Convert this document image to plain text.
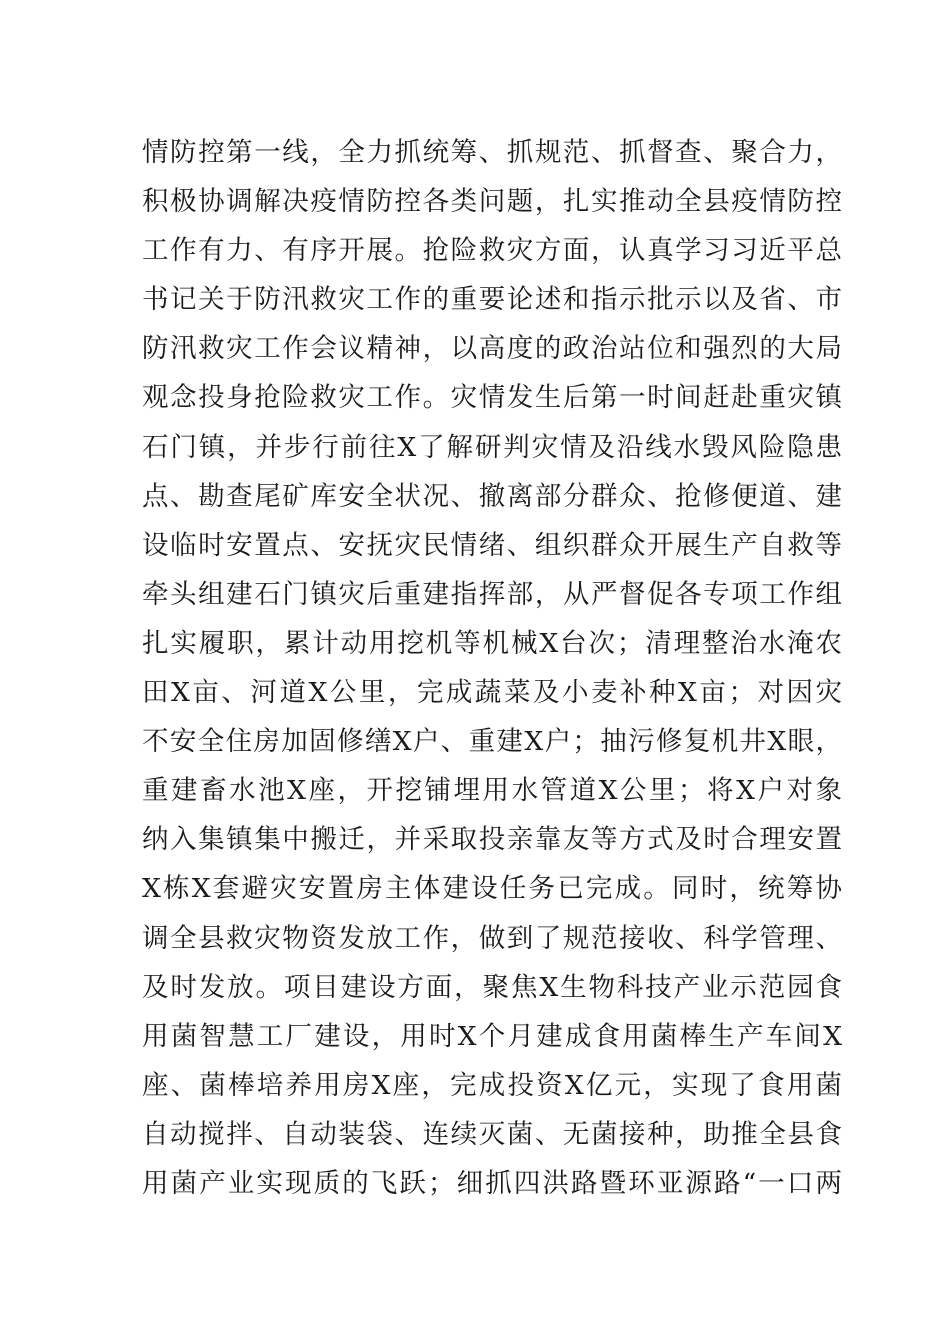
情防控第一线，全力抓统筹、抓规范、抓督查、聚合力，
积极协调解决疫情防控各类问题，扎实推动全县疫情防控
工作有力、有序开展。抢险救灾方面，认真学习习近平总
书记关于防汛救灾工作的重要论述和指示批示以及省、市
防汛救灾工作会议精神，以高度的政治站位和强烈的大局
观念投身抢险救灾工作。灾情发生后第一时间赶赴重灾镇
石门镇，并步行前往X了解研判灾情及沿线水毁风险隐患
点、勘查尾矿库安全状况、撤离部分群众、抢修便道、建
设临时安置点、安抚灾民情绪、组织群众开展生产自救等
牵头组建石门镇灾后重建指挥部，从严督促各专项工作组
扎实履职，累计动用挖机等机械X台次；清理整治水淹农
田X亩、河道X公里，完成蔬菜及小麦补种X亩；对因灾
不安全住房加固修缮X户、重建X户；抽污修复机井X眼，
重建畜水池X座，开挖铺埋用水管道X公里；将X户对象
纳入集镇集中搬迁，并采取投亲靠友等方式及时合理安置
X栋X套避灾安置房主体建设任务已完成。同时，统筹协
调全县救灾物资发放工作，做到了规范接收、科学管理、
及时发放。项目建设方面，聚焦X生物科技产业示范园食
用菌智慧工厂建设，用时X个月建成食用菌棒生产车间X
座、菌棒培养用房X座，完成投资X亿元，实现了食用菌
自动搅拌、自动装袋、连续灭菌、无菌接种，助推全县食
用菌产业实现质的飞跃；细抓四洪路暨环亚源路“一口两
